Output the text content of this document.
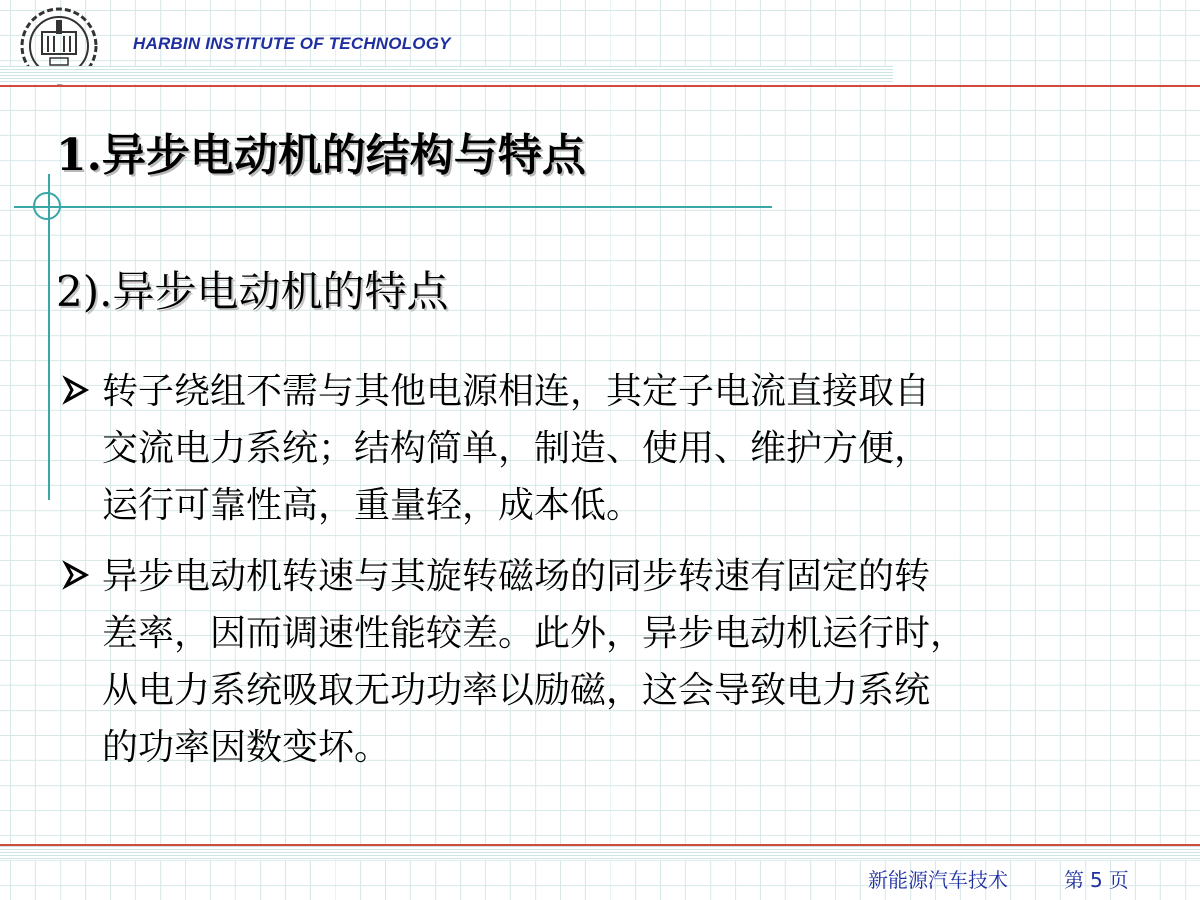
HARBIN INSTITUTE OF TECHNOLOGY
1.异步电动机的结构与特点
2).异步电动机的特点
转子绕组不需与其他电源相连，其定子电流直接取自
交流电力系统；结构简单，制造、使用、维护方便，
运行可靠性高，重量轻，成本低。
异步电动机转速与其旋转磁场的同步转速有固定的转
差率，因而调速性能较差。此外，异步电动机运行时，
从电力系统吸取无功功率以励磁，这会导致电力系统
的功率因数变坏。
新能源汽车技术	第 5 页
